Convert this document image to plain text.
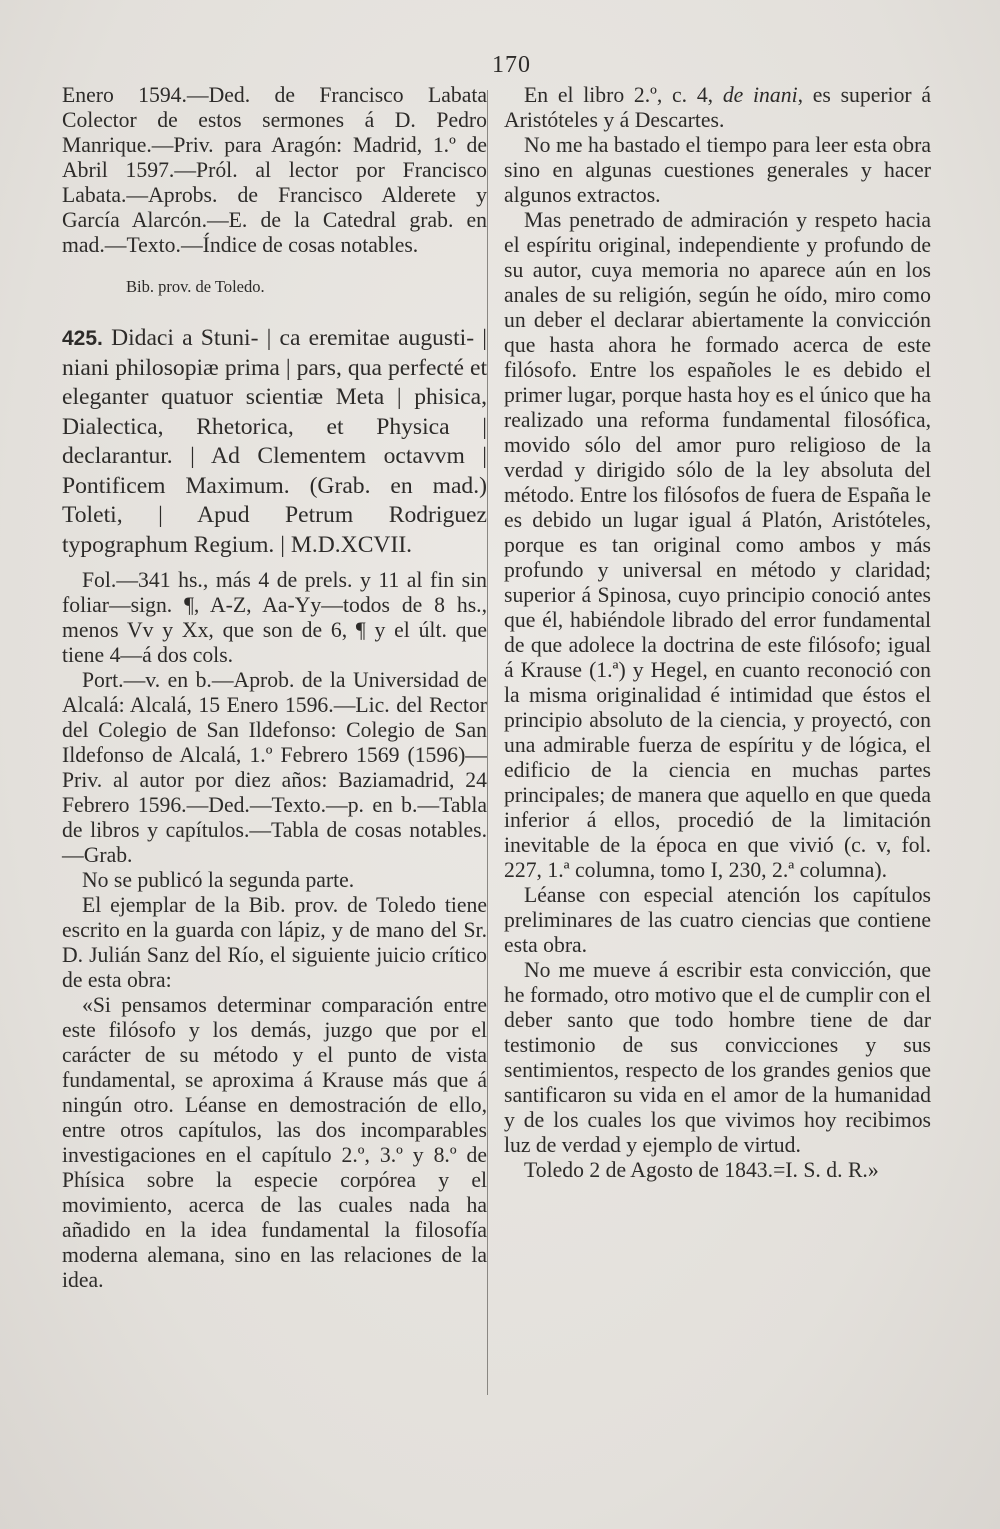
170

Enero 1594.—Ded. de Francisco Labata Colector de estos sermones á D. Pedro Manrique.—Priv. para Aragón: Madrid, 1.º de Abril 1597.—Pról. al lector por Francisco Labata.—Aprobs. de Francisco Alderete y García Alarcón.—E. de la Catedral grab. en mad.—Texto.—Índice de cosas notables.

Bib. prov. de Toledo.

425. Didaci a Stuni- | ca eremitae augusti- | niani philosopiæ prima | pars, qua perfecté et eleganter quatuor scientiæ Meta | phisica, Dialectica, Rhetorica, et Physica | declarantur. | Ad Clementem octavvm | Pontificem Maximum. (Grab. en mad.) Toleti, | Apud Petrum Rodriguez typographum Regium. | M.D.XCVII.

Fol.—341 hs., más 4 de prels. y 11 al fin sin foliar—sign. ¶, A-Z, Aa-Yy—todos de 8 hs., menos Vv y Xx, que son de 6, ¶ y el últ. que tiene 4—á dos cols.

Port.—v. en b.—Aprob. de la Universidad de Alcalá: Alcalá, 15 Enero 1596.—Lic. del Rector del Colegio de San Ildefonso: Colegio de San Ildefonso de Alcalá, 1.º Febrero 1569 (1596)—Priv. al autor por diez años: Baziamadrid, 24 Febrero 1596.—Ded.—Texto.—p. en b.—Tabla de libros y capítulos.—Tabla de cosas notables.—Grab.

No se publicó la segunda parte.

El ejemplar de la Bib. prov. de Toledo tiene escrito en la guarda con lápiz, y de mano del Sr. D. Julián Sanz del Río, el siguiente juicio crítico de esta obra:

«Si pensamos determinar comparación entre este filósofo y los demás, juzgo que por el carácter de su método y el punto de vista fundamental, se aproxima á Krause más que á ningún otro. Léanse en demostración de ello, entre otros capítulos, las dos incomparables investigaciones en el capítulo 2.º, 3.º y 8.º de Phísica sobre la especie corpórea y el movimiento, acerca de las cuales nada ha añadido en la idea fundamental la filosofía moderna alemana, sino en las relaciones de la idea.

En el libro 2.º, c. 4, de inani, es superior á Aristóteles y á Descartes.

No me ha bastado el tiempo para leer esta obra sino en algunas cuestiones generales y hacer algunos extractos.

Mas penetrado de admiración y respeto hacia el espíritu original, independiente y profundo de su autor, cuya memoria no aparece aún en los anales de su religión, según he oído, miro como un deber el declarar abiertamente la convicción que hasta ahora he formado acerca de este filósofo. Entre los españoles le es debido el primer lugar, porque hasta hoy es el único que ha realizado una reforma fundamental filosófica, movido sólo del amor puro religioso de la verdad y dirigido sólo de la ley absoluta del método. Entre los filósofos de fuera de España le es debido un lugar igual á Platón, Aristóteles, porque es tan original como ambos y más profundo y universal en método y claridad; superior á Spinosa, cuyo principio conoció antes que él, habiéndole librado del error fundamental de que adolece la doctrina de este filósofo; igual á Krause (1.ª) y Hegel, en cuanto reconoció con la misma originalidad é intimidad que éstos el principio absoluto de la ciencia, y proyectó, con una admirable fuerza de espíritu y de lógica, el edificio de la ciencia en muchas partes principales; de manera que aquello en que queda inferior á ellos, procedió de la limitación inevitable de la época en que vivió (c. v, fol. 227, 1.ª columna, tomo I, 230, 2.ª columna).

Léanse con especial atención los capítulos preliminares de las cuatro ciencias que contiene esta obra.

No me mueve á escribir esta convicción, que he formado, otro motivo que el de cumplir con el deber santo que todo hombre tiene de dar testimonio de sus convicciones y sus sentimientos, respecto de los grandes genios que santificaron su vida en el amor de la humanidad y de los cuales los que vivimos hoy recibimos luz de verdad y ejemplo de virtud.

Toledo 2 de Agosto de 1843.=I. S. d. R.»
